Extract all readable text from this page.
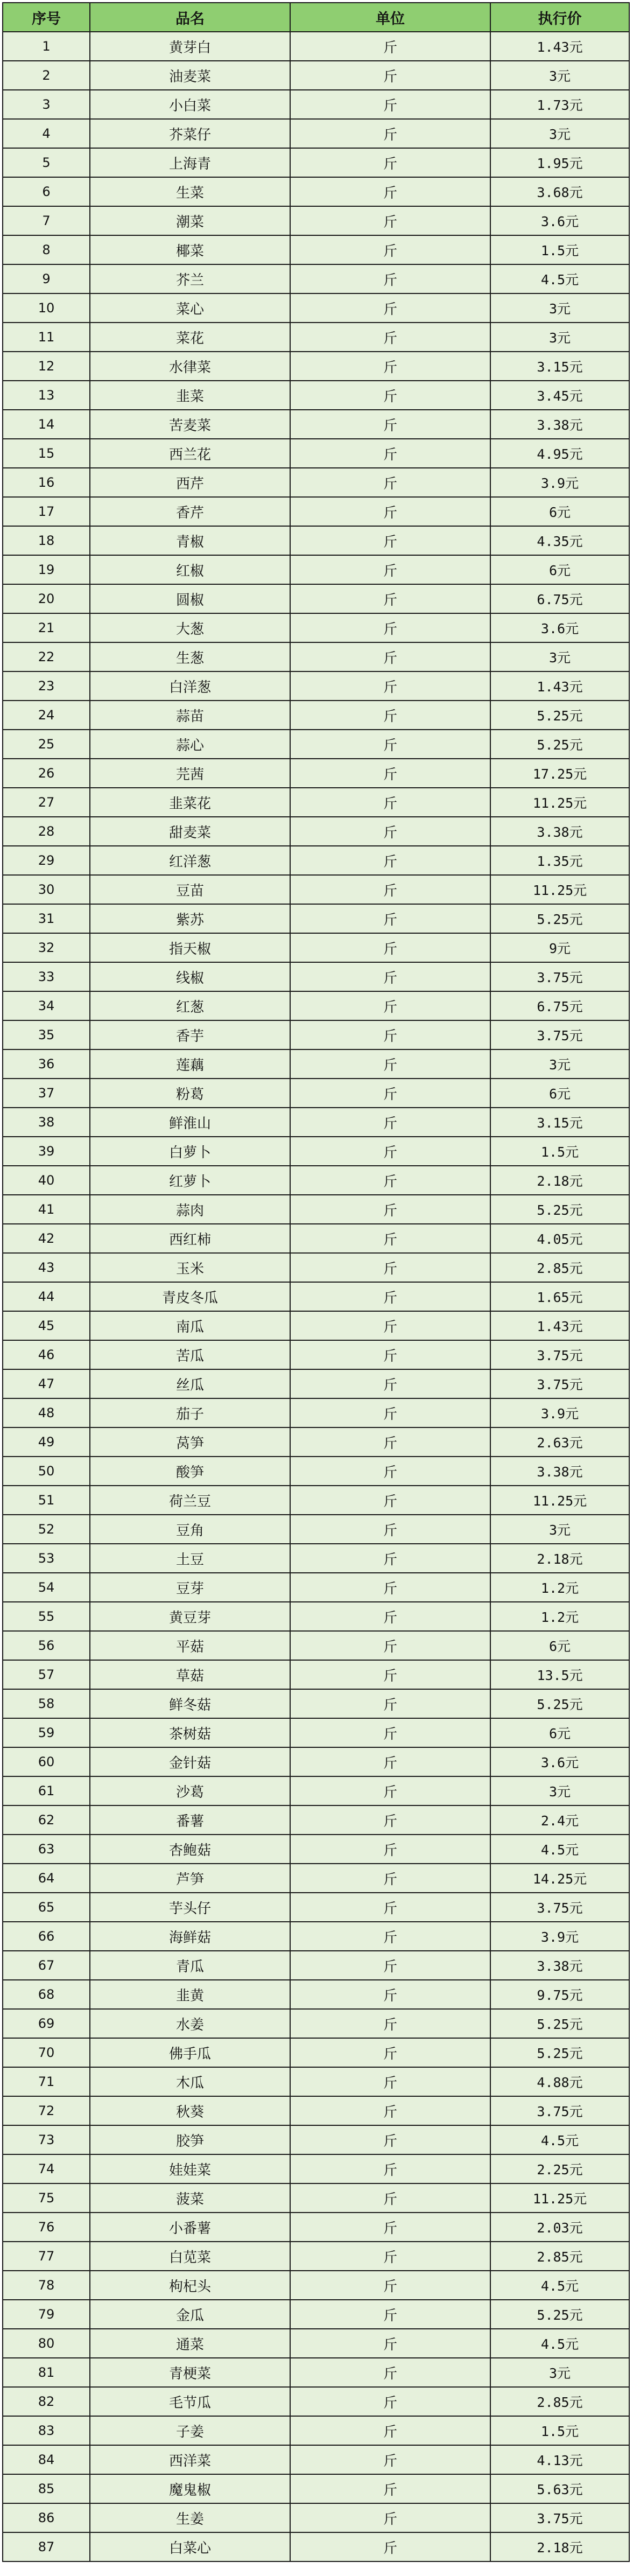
序号	品名	单位	执行价
1	黄芽白	斤	1.43元
2	油麦菜	斤	3元
3	小白菜	斤	1.73元
4	芥菜仔	斤	3元
5	上海青	斤	1.95元
6	生菜	斤	3.68元
7	潮菜	斤	3.6元
8	椰菜	斤	1.5元
9	芥兰	斤	4.5元
10	菜心	斤	3元
11	菜花	斤	3元
12	水律菜	斤	3.15元
13	韭菜	斤	3.45元
14	苦麦菜	斤	3.38元
15	西兰花	斤	4.95元
16	西芹	斤	3.9元
17	香芹	斤	6元
18	青椒	斤	4.35元
19	红椒	斤	6元
20	圆椒	斤	6.75元
21	大葱	斤	3.6元
22	生葱	斤	3元
23	白洋葱	斤	1.43元
24	蒜苗	斤	5.25元
25	蒜心	斤	5.25元
26	芫茜	斤	17.25元
27	韭菜花	斤	11.25元
28	甜麦菜	斤	3.38元
29	红洋葱	斤	1.35元
30	豆苗	斤	11.25元
31	紫苏	斤	5.25元
32	指天椒	斤	9元
33	线椒	斤	3.75元
34	红葱	斤	6.75元
35	香芋	斤	3.75元
36	莲藕	斤	3元
37	粉葛	斤	6元
38	鲜淮山	斤	3.15元
39	白萝卜	斤	1.5元
40	红萝卜	斤	2.18元
41	蒜肉	斤	5.25元
42	西红柿	斤	4.05元
43	玉米	斤	2.85元
44	青皮冬瓜	斤	1.65元
45	南瓜	斤	1.43元
46	苦瓜	斤	3.75元
47	丝瓜	斤	3.75元
48	茄子	斤	3.9元
49	莴笋	斤	2.63元
50	酸笋	斤	3.38元
51	荷兰豆	斤	11.25元
52	豆角	斤	3元
53	土豆	斤	2.18元
54	豆芽	斤	1.2元
55	黄豆芽	斤	1.2元
56	平菇	斤	6元
57	草菇	斤	13.5元
58	鲜冬菇	斤	5.25元
59	茶树菇	斤	6元
60	金针菇	斤	3.6元
61	沙葛	斤	3元
62	番薯	斤	2.4元
63	杏鲍菇	斤	4.5元
64	芦笋	斤	14.25元
65	芋头仔	斤	3.75元
66	海鲜菇	斤	3.9元
67	青瓜	斤	3.38元
68	韭黄	斤	9.75元
69	水姜	斤	5.25元
70	佛手瓜	斤	5.25元
71	木瓜	斤	4.88元
72	秋葵	斤	3.75元
73	胶笋	斤	4.5元
74	娃娃菜	斤	2.25元
75	菠菜	斤	11.25元
76	小番薯	斤	2.03元
77	白苋菜	斤	2.85元
78	枸杞头	斤	4.5元
79	金瓜	斤	5.25元
80	通菜	斤	4.5元
81	青梗菜	斤	3元
82	毛节瓜	斤	2.85元
83	子姜	斤	1.5元
84	西洋菜	斤	4.13元
85	魔鬼椒	斤	5.63元
86	生姜	斤	3.75元
87	白菜心	斤	2.18元
